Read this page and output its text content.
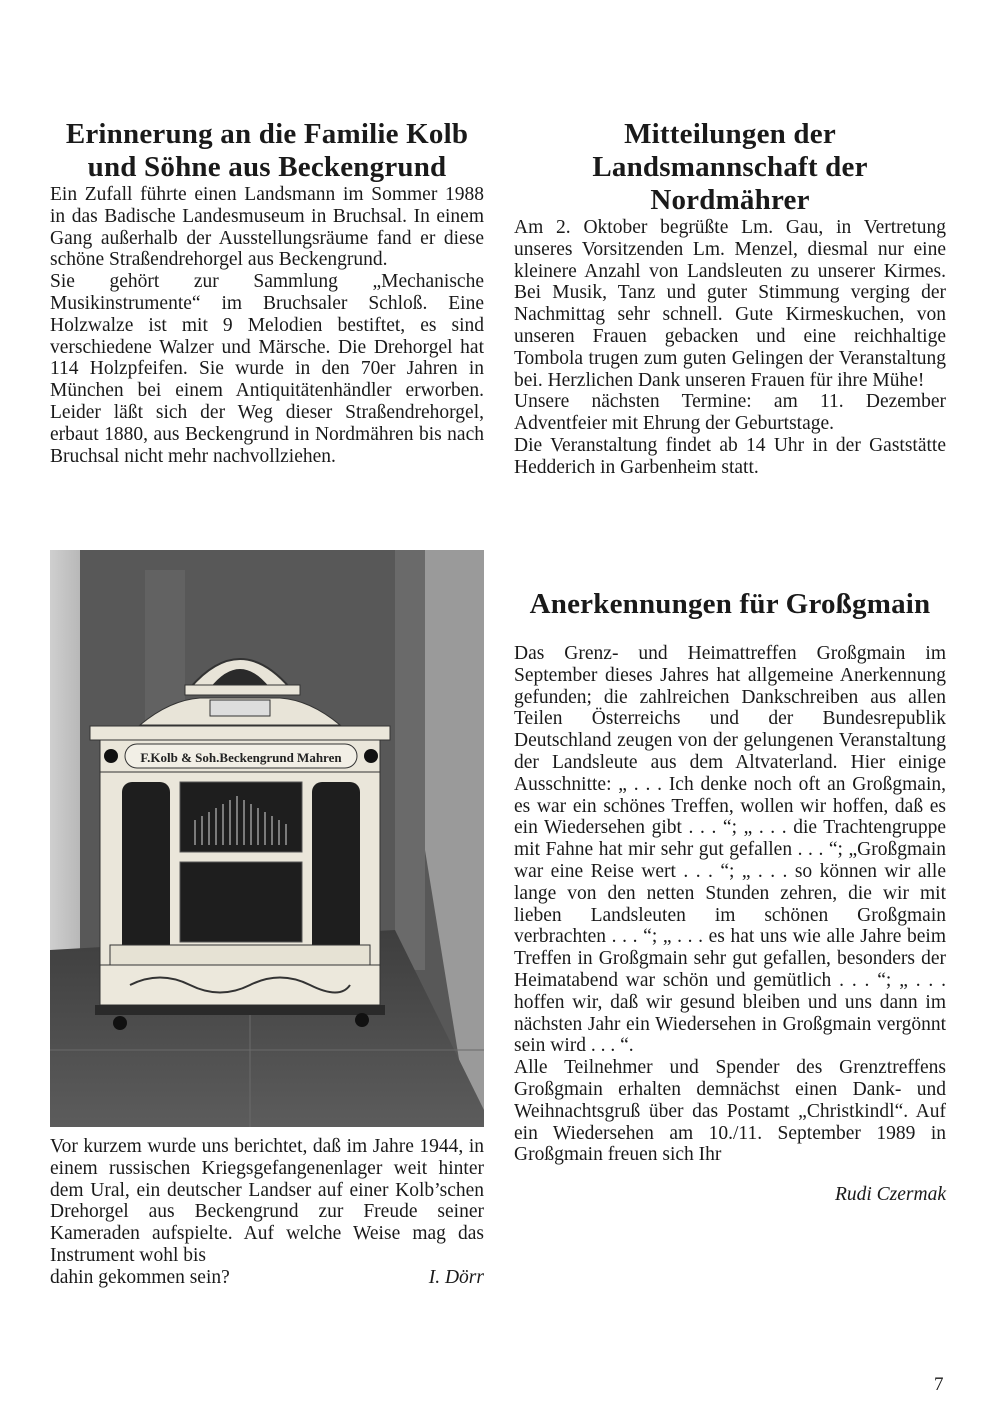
Erinnerung an die Familie Kolb
und Söhne aus Beckengrund

Ein Zufall führte einen Landsmann im Sommer 1988 in das Badische Landesmuseum in Bruchsal. In einem Gang außerhalb der Ausstellungsräume fand er diese schöne Straßendrehorgel aus Beckengrund.

Sie gehört zur Sammlung „Mechanische Musikinstrumente“ im Bruchsaler Schloß. Eine Holzwalze ist mit 9 Melodien bestiftet, es sind verschiedene Walzer und Märsche. Die Drehorgel hat 114 Holzpfeifen. Sie wurde in den 70er Jahren in München bei einem Antiquitätenhändler erworben. Leider läßt sich der Weg dieser Straßendrehorgel, erbaut 1880, aus Beckengrund in Nordmähren bis nach Bruchsal nicht mehr nachvollziehen.

F.Kolb & Soh.Beckengrund Mahren

Vor kurzem wurde uns berichtet, daß im Jahre 1944, in einem russischen Kriegsgefangenenlager weit hinter dem Ural, ein deutscher Landser auf einer Kolb’schen Drehorgel aus Beckengrund zur Freude seiner Kameraden aufspielte. Auf welche Weise mag das Instrument wohl bis

dahin gekommen sein?	I. Dörr
Mitteilungen der
Landsmannschaft der
Nordmährer

Am 2. Oktober begrüßte Lm. Gau, in Vertretung unseres Vorsitzenden Lm. Menzel, diesmal nur eine kleinere Anzahl von Landsleuten zu unserer Kirmes. Bei Musik, Tanz und guter Stimmung verging der Nachmittag sehr schnell. Gute Kirmeskuchen, von unseren Frauen gebacken und eine reichhaltige Tombola trugen zum guten Gelingen der Veranstaltung bei. Herzlichen Dank unseren Frauen für ihre Mühe!

Unsere nächsten Termine: am 11. Dezember Adventfeier mit Ehrung der Geburtstage.

Die Veranstaltung findet ab 14 Uhr in der Gaststätte Hedderich in Garbenheim statt.

Anerkennungen für Großgmain

Das Grenz- und Heimattreffen Großgmain im September dieses Jahres hat allgemeine Anerkennung gefunden; die zahlreichen Dankschreiben aus allen Teilen Österreichs und der Bundesrepublik Deutschland zeugen von der gelungenen Veranstaltung der Landsleute aus dem Altvaterland. Hier einige Ausschnitte: „ . . . Ich denke noch oft an Großgmain, es war ein schönes Treffen, wollen wir hoffen, daß es ein Wiedersehen gibt . . . “; „ . . . die Trachtengruppe mit Fahne hat mir sehr gut gefallen . . . “; „Großgmain war eine Reise wert . . . “; „ . . . so können wir alle lange von den netten Stunden zehren, die wir mit lieben Landsleuten im schönen Großgmain verbrachten . . . “; „ . . . es hat uns wie alle Jahre beim Treffen in Großgmain sehr gut gefallen, besonders der Heimatabend war schön und gemütlich . . . “; „ . . . hoffen wir, daß wir gesund bleiben und uns dann im nächsten Jahr ein Wiedersehen in Großgmain vergönnt sein wird . . . “.

Alle Teilnehmer und Spender des Grenztreffens Großgmain erhalten demnächst einen Dank- und Weihnachtsgruß über das Postamt „Christkindl“. Auf ein Wiedersehen am 10./11. September 1989 in Großgmain freuen sich Ihr

Rudi Czermak
7
